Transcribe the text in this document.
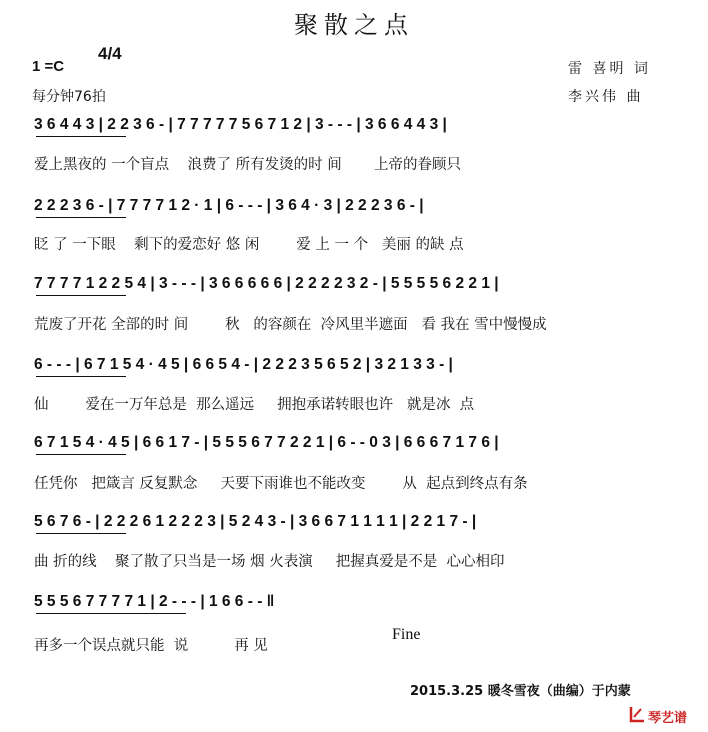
聚散之点
1 =C
4/4
每分钟76拍
雷 喜明 词
李兴伟 曲
3 6 4 4 3 | 2 2 3 6 - | 7 7 7 7 7 5 6 7 1 2 | 3 - - - | 3 6 6 4 4 3 |
爱上黑夜的 一个盲点    浪费了 所有发烫的时 间       上帝的眷顾只
2 2 2 3 6 - | 7 7 7 7 1 2 · 1 | 6 - - - | 3 6 4 · 3 | 2 2 2 3 6 - |
眨 了 一下眼    剩下的爱恋好 悠 闲        爱 上 一 个   美丽 的缺 点
7 7 7 7 1 2 2 5 4 | 3 - - - | 3 6 6 6 6 6 | 2 2 2 2 3 2 - | 5 5 5 5 6 2 2 1 |
荒废了开花 全部的时 间        秋   的容颜在  冷风里半遮面   看 我在 雪中慢慢成
6 - - - | 6 7 1 5 4 · 4 5 | 6 6 5 4 - | 2 2 2 3 5 6 5 2 | 3 2 1 3 3 - |
仙        爱在一万年总是  那么遥远     拥抱承诺转眼也许   就是冰  点
6 7 1 5 4 · 4 5 | 6 6 1 7 - | 5 5 5 6 7 7 2 2 1 | 6 - - 0 3 | 6 6 6 7 1 7 6 |
任凭你   把箴言 反复默念     天要下雨谁也不能改变        从  起点到终点有条
5 6 7 6 - | 2 2 2 6 1 2 2 2 3 | 5 2 4 3 - | 3 6 6 7 1 1 1 1 | 2 2 1 7 - |
曲 折的线    聚了散了只当是一场 烟 火表演     把握真爱是不是  心心相印
5 5 5 6 7 7 7 7 1 | 2 - - - | 1 6 6 - - ‖
再多一个误点就只能  说          再 见
Fine
2015.3.25 暖冬雪夜（曲编）于内蒙
琴艺谱
